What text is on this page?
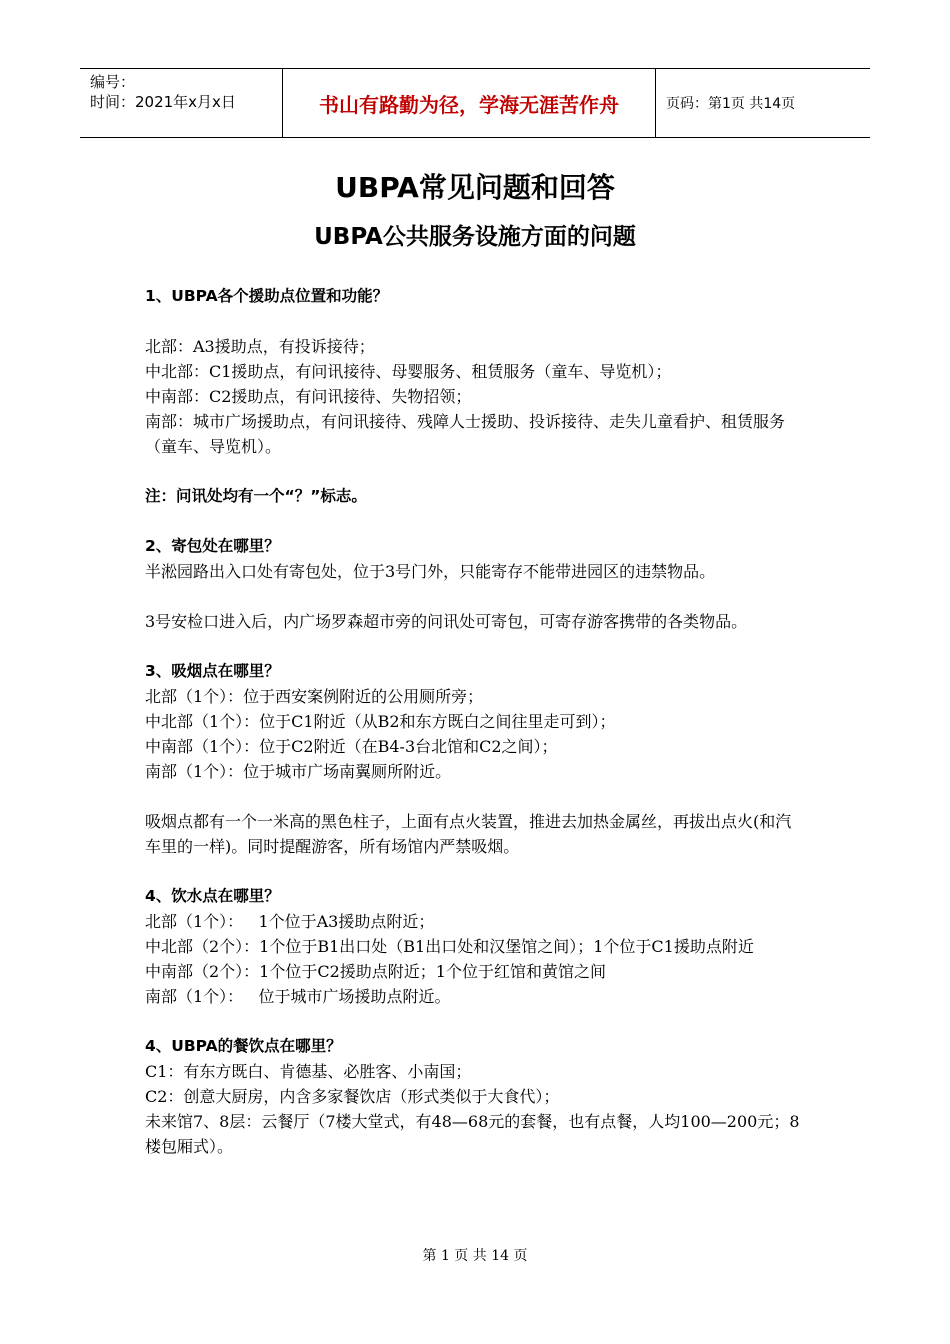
编号：
时间：2021年x月x日	书山有路勤为径，学海无涯苦作舟	页码：第1页 共14页
UBPA常见问题和回答
UBPA公共服务设施方面的问题

1、UBPA各个援助点位置和功能？

北部：A3援助点，有投诉接待；

中北部：C1援助点，有问讯接待、母婴服务、租赁服务（童车、导览机）；

中南部：C2援助点，有问讯接待、失物招领；

南部：城市广场援助点，有问讯接待、残障人士援助、投诉接待、走失儿童看护、租赁服务（童车、导览机）。

注：问讯处均有一个“？”标志。

2、寄包处在哪里？

半淞园路出入口处有寄包处，位于3号门外，只能寄存不能带进园区的违禁物品。

3号安检口进入后，内广场罗森超市旁的问讯处可寄包，可寄存游客携带的各类物品。

3、吸烟点在哪里？

北部（1个）：位于西安案例附近的公用厕所旁；

中北部（1个）：位于C1附近（从B2和东方既白之间往里走可到）；

中南部（1个）：位于C2附近（在B4-3台北馆和C2之间）；

南部（1个）：位于城市广场南翼厕所附近。

吸烟点都有一个一米高的黑色柱子，上面有点火装置，推进去加热金属丝，再拔出点火(和汽车里的一样)。同时提醒游客，所有场馆内严禁吸烟。

4、饮水点在哪里？

北部（1个）：   1个位于A3援助点附近；

中北部（2个）：1个位于B1出口处（B1出口处和汉堡馆之间）；1个位于C1援助点附近

中南部（2个）：1个位于C2援助点附近；1个位于红馆和黄馆之间

南部（1个）：   位于城市广场援助点附近。

4、UBPA的餐饮点在哪里？

C1：有东方既白、肯德基、必胜客、小南国；

C2：创意大厨房，内含多家餐饮店（形式类似于大食代）；

未来馆7、8层：云餐厅（7楼大堂式，有48—68元的套餐，也有点餐，人均100—200元；8楼包厢式）。

第 1 页 共 14 页
